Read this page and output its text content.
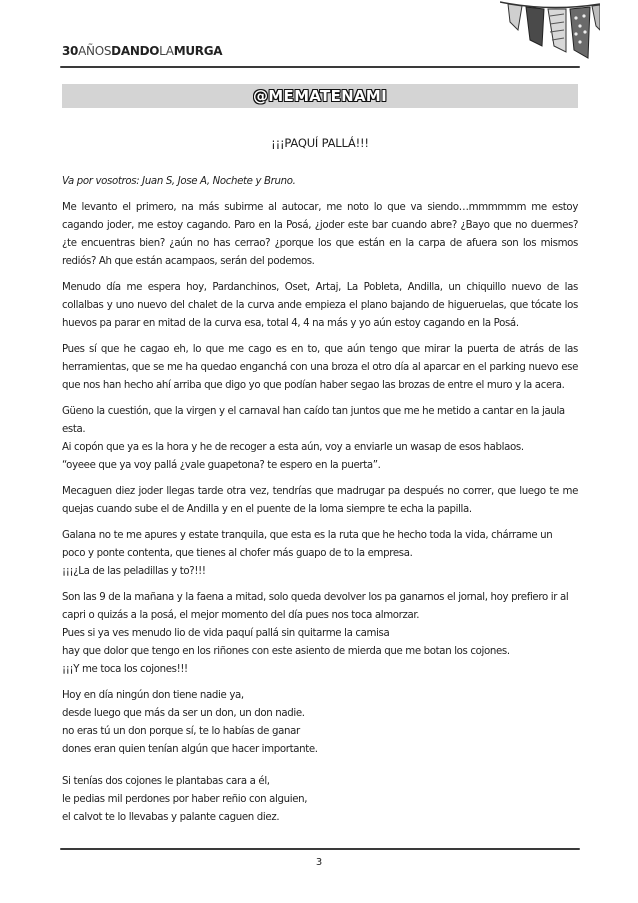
30AÑOSDANDOLAMURGA
@MEMATENAMI
¡¡¡PAQUÍ PALLÁ!!!

Va por vosotros: Juan S, Jose A, Nochete y Bruno.

Me levanto el primero, na más subirme al autocar, me noto lo que va siendo…mmmmmm me estoy cagando joder, me estoy cagando. Paro en la Posá, ¿joder este bar cuando abre? ¿Bayo que no duermes? ¿te encuentras bien? ¿aún no has cerrao? ¿porque los que están en la carpa de afuera son los mismos rediós? Ah que están acampaos, serán del podemos.

Menudo día me espera hoy, Pardanchinos, Oset, Artaj, La Pobleta, Andilla, un chiquillo nuevo de las collalbas y uno nuevo del chalet de la curva ande empieza el plano bajando de higueruelas, que tócate los huevos pa parar en mitad de la curva esa, total 4, 4 na más y yo aún estoy cagando en la Posá.

Pues sí que he cagao eh, lo que me cago es en to, que aún tengo que mirar la puerta de atrás de las herramientas, que se me ha quedao enganchá con una broza el otro día al aparcar en el parking nuevo ese que nos han hecho ahí arriba que digo yo que podían haber segao las brozas de entre el muro y la acera.

Güeno la cuestión, que la virgen y el carnaval han caído tan juntos que me he metido a cantar en la jaula esta.
Ai copón que ya es la hora y he de recoger a esta aún, voy a enviarle un wasap de esos hablaos.
“oyeee que ya voy pallá ¿vale guapetona? te espero en la puerta”.

Mecaguen diez joder llegas tarde otra vez, tendrías que madrugar pa después no correr, que luego te me quejas cuando sube el de Andilla y en el puente de la loma siempre te echa la papilla.

Galana no te me apures y estate tranquila, que esta es la ruta que he hecho toda la vida, chárrame un poco y ponte contenta, que tienes al chofer más guapo de to la empresa.
¡¡¡¿La de las peladillas y to?!!!

Son las 9 de la mañana y la faena a mitad, solo queda devolver los pa ganarnos el jornal, hoy prefiero ir al capri o quizás a la posá, el mejor momento del día pues nos toca almorzar.
Pues si ya ves menudo lio de vida paquí pallá sin quitarme la camisa
hay que dolor que tengo en los riñones con este asiento de mierda que me botan los cojones.
¡¡¡Y me toca los cojones!!!

Hoy en día ningún don tiene nadie ya,
desde luego que más da ser un don, un don nadie.
no eras tú un don porque sí, te lo habías de ganar
dones eran quien tenían algún que hacer importante.

Si tenías dos cojones le plantabas cara a él,
le pedias mil perdones por haber reñio con alguien,
el calvot te lo llevabas y palante caguen diez.

3
